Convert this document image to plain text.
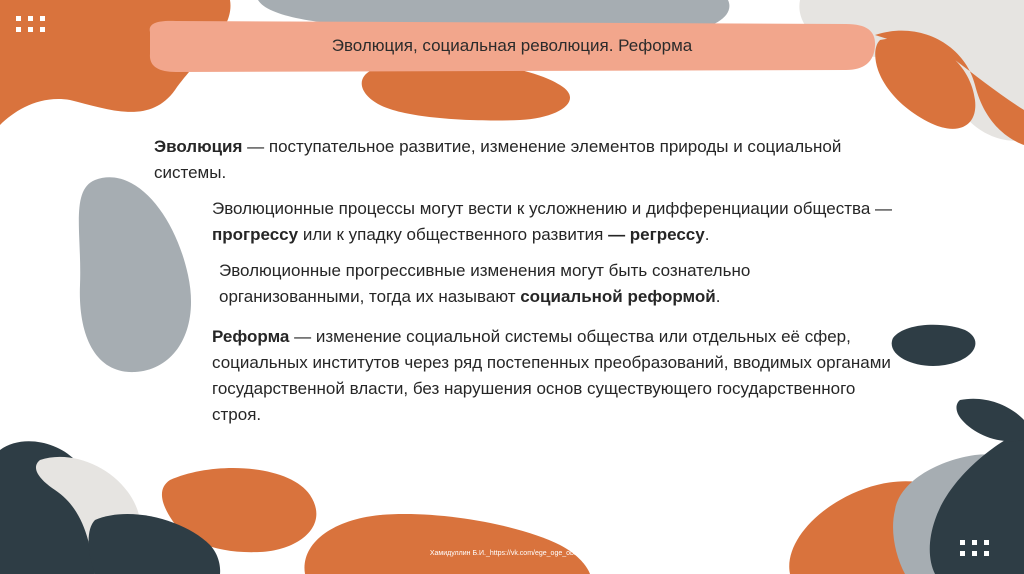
Эволюция, социальная революция. Реформа
Эволюция — поступательное развитие, изменение элементов природы и социальной системы.
Эволюционные процессы могут вести к усложнению и дифференциации общества — прогрессу или к упадку общественного развития — регрессу.
Эволюционные прогрессивные изменения могут быть сознательно организованными, тогда их называют социальной реформой.
Реформа — изменение социальной системы общества или отдельных её сфер, социальных институтов через ряд постепенных преобразований, вводимых органами государственной власти, без нарушения основ существующего государственного строя.
Хамидуллин Б.И._https://vk.com/ege_oge_obshestv
